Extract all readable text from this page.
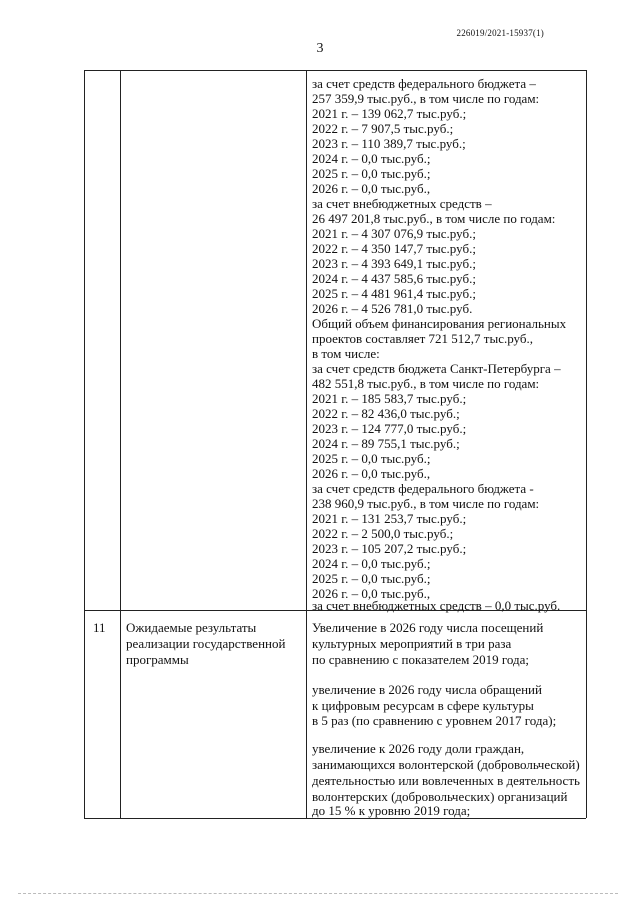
226019/2021-15937(1)
3
за счет средств федерального бюджета –
257 359,9 тыс.руб., в том числе по годам:
2021 г. – 139 062,7 тыс.руб.;
2022 г. – 7 907,5 тыс.руб.;
2023 г. – 110 389,7 тыс.руб.;
2024 г. – 0,0 тыс.руб.;
2025 г. – 0,0 тыс.руб.;
2026 г. – 0,0 тыс.руб.,
за счет внебюджетных средств –
26 497 201,8 тыс.руб., в том числе по годам:
2021 г. – 4 307 076,9 тыс.руб.;
2022 г. – 4 350 147,7 тыс.руб.;
2023 г. – 4 393 649,1 тыс.руб.;
2024 г. – 4 437 585,6 тыс.руб.;
2025 г. – 4 481 961,4 тыс.руб.;
2026 г. – 4 526 781,0 тыс.руб.
Общий объем финансирования региональных
проектов составляет 721 512,7 тыс.руб.,
в том числе:
за счет средств бюджета Санкт-Петербурга –
482 551,8 тыс.руб., в том числе по годам:
2021 г. – 185 583,7 тыс.руб.;
2022 г. – 82 436,0 тыс.руб.;
2023 г. – 124 777,0 тыс.руб.;
2024 г. – 89 755,1 тыс.руб.;
2025 г. – 0,0 тыс.руб.;
2026 г. – 0,0 тыс.руб.,
за счет средств федерального бюджета -
238 960,9 тыс.руб., в том числе по годам:
2021 г. – 131 253,7 тыс.руб.;
2022 г. – 2 500,0 тыс.руб.;
2023 г. – 105 207,2 тыс.руб.;
2024 г. – 0,0 тыс.руб.;
2025 г. – 0,0 тыс.руб.;
2026 г. – 0,0 тыс.руб.,
за счет внебюджетных средств – 0,0 тыс.руб.
11 Ожидаемые результаты
реализации государственной
программы
Увеличение в 2026 году числа посещений
культурных мероприятий в три раза
по сравнению с показателем 2019 года;
увеличение в 2026 году числа обращений
к цифровым ресурсам в сфере культуры
в 5 раз (по сравнению с уровнем 2017 года);
увеличение к 2026 году доли граждан,
занимающихся волонтерской (добровольческой)
деятельностью или вовлеченных в деятельность
волонтерских (добровольческих) организаций
до 15 % к уровню 2019 года;
